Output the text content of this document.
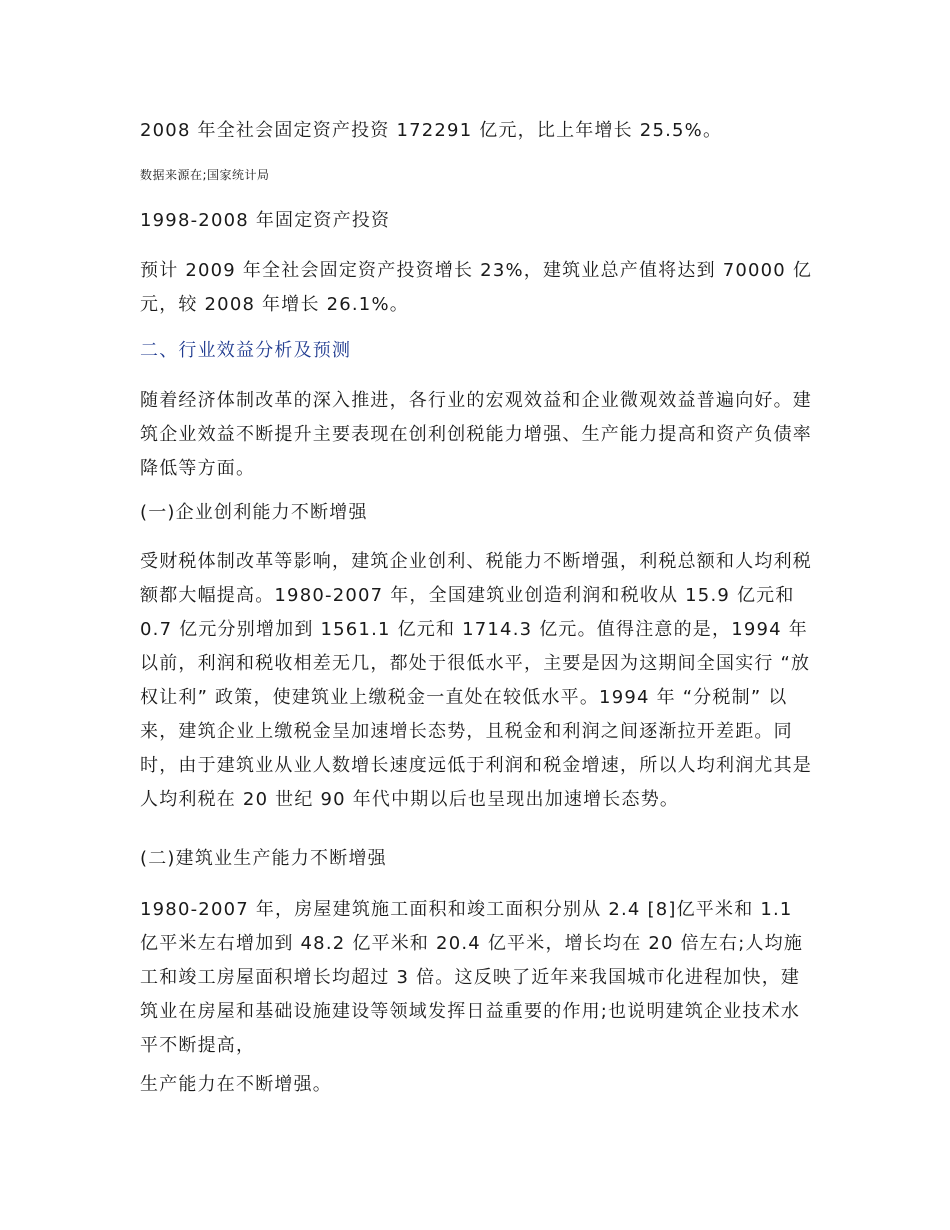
2008 年全社会固定资产投资 172291 亿元，比上年增长 25.5%。

数据来源在;国家统计局

1998-2008 年固定资产投资

预计 2009 年全社会固定资产投资增长 23%，建筑业总产值将达到 70000 亿元，较 2008 年增长 26.1%。

二、行业效益分析及预测

随着经济体制改革的深入推进，各行业的宏观效益和企业微观效益普遍向好。建筑企业效益不断提升主要表现在创利创税能力增强、生产能力提高和资产负债率降低等方面。

(一)企业创利能力不断增强

受财税体制改革等影响，建筑企业创利、税能力不断增强，利税总额和人均利税额都大幅提高。1980-2007 年，全国建筑业创造利润和税收从 15.9 亿元和 0.7 亿元分别增加到 1561.1 亿元和 1714.3 亿元。值得注意的是，1994 年以前，利润和税收相差无几，都处于很低水平，主要是因为这期间全国实行 “放权让利” 政策，使建筑业上缴税金一直处在较低水平。1994 年 “分税制” 以来，建筑企业上缴税金呈加速增长态势，且税金和利润之间逐渐拉开差距。同时，由于建筑业从业人数增长速度远低于利润和税金增速，所以人均利润尤其是人均利税在 20 世纪 90 年代中期以后也呈现出加速增长态势。

(二)建筑业生产能力不断增强

1980-2007 年，房屋建筑施工面积和竣工面积分别从 2.4 [8]亿平米和 1.1 亿平米左右增加到 48.2 亿平米和 20.4 亿平米，增长均在 20 倍左右;人均施工和竣工房屋面积增长均超过 3 倍。这反映了近年来我国城市化进程加快，建筑业在房屋和基础设施建设等领域发挥日益重要的作用;也说明建筑企业技术水平不断提高，

生产能力在不断增强。
